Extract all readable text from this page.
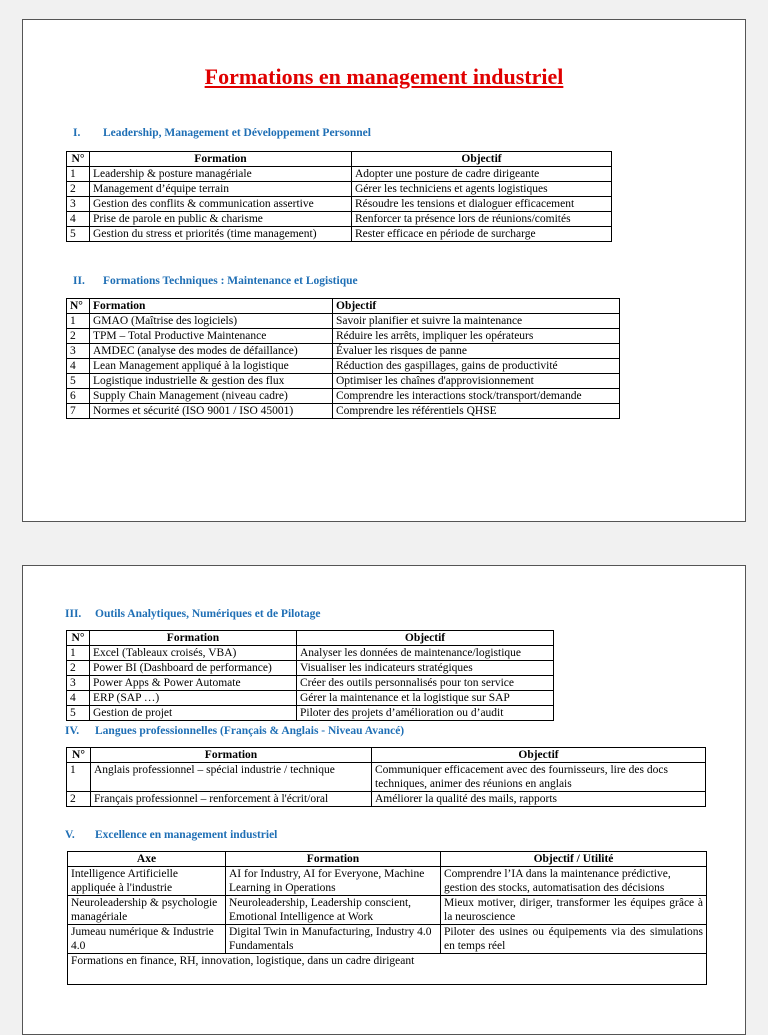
Formations en management industriel
I. Leadership, Management et Développement Personnel
N°	Formation	Objectif
1	Leadership & posture managériale	Adopter une posture de cadre dirigeante
2	Management d’équipe terrain	Gérer les techniciens et agents logistiques
3	Gestion des conflits & communication assertive	Résoudre les tensions et dialoguer efficacement
4	Prise de parole en public & charisme	Renforcer ta présence lors de réunions/comités
5	Gestion du stress et priorités (time management)	Rester efficace en période de surcharge
II. Formations Techniques : Maintenance et Logistique
N°	Formation	Objectif
1	GMAO (Maîtrise des logiciels)	Savoir planifier et suivre la maintenance
2	TPM – Total Productive Maintenance	Réduire les arrêts, impliquer les opérateurs
3	AMDEC (analyse des modes de défaillance)	Évaluer les risques de panne
4	Lean Management appliqué à la logistique	Réduction des gaspillages, gains de productivité
5	Logistique industrielle & gestion des flux	Optimiser les chaînes d'approvisionnement
6	Supply Chain Management (niveau cadre)	Comprendre les interactions stock/transport/demande
7	Normes et sécurité (ISO 9001 / ISO 45001)	Comprendre les référentiels QHSE
III. Outils Analytiques, Numériques et de Pilotage
N°	Formation	Objectif
1	Excel (Tableaux croisés, VBA)	Analyser les données de maintenance/logistique
2	Power BI (Dashboard de performance)	Visualiser les indicateurs stratégiques
3	Power Apps & Power Automate	Créer des outils personnalisés pour ton service
4	ERP (SAP …)	Gérer la maintenance et la logistique sur SAP
5	Gestion de projet	Piloter des projets d’amélioration ou d’audit
IV. Langues professionnelles (Français & Anglais - Niveau Avancé)
N°	Formation	Objectif
1	Anglais professionnel – spécial industrie / technique	Communiquer efficacement avec des fournisseurs, lire des docs techniques, animer des réunions en anglais
2	Français professionnel – renforcement à l'écrit/oral	Améliorer la qualité des mails, rapports
V. Excellence en management industriel
Axe	Formation	Objectif / Utilité
Intelligence Artificielle appliquée à l'industrie	AI for Industry, AI for Everyone, Machine Learning in Operations	Comprendre l’IA dans la maintenance prédictive, gestion des stocks, automatisation des décisions
Neuroleadership & psychologie managériale	Neuroleadership, Leadership conscient, Emotional Intelligence at Work	Mieux motiver, diriger, transformer les équipes grâce à la neuroscience
Jumeau numérique & Industrie 4.0	Digital Twin in Manufacturing, Industry 4.0 Fundamentals	Piloter des usines ou équipements via des simulations en temps réel
Formations en finance, RH, innovation, logistique, dans un cadre dirigeant		
